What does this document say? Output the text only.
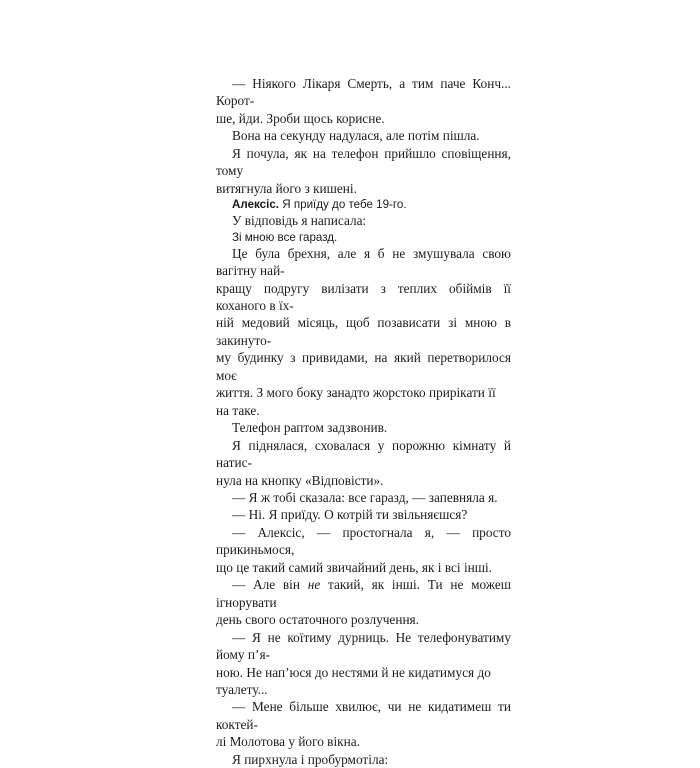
— Ніякого Лікаря Смерть, а тим паче Конч... Корот-

ше, йди. Зроби щось корисне.

Вона на секунду надулася, але потім пішла.

Я почула, як на телефон прийшло сповіщення, тому

витягнула його з кишені.

Алексіс. Я приїду до тебе 19-го.

У відповідь я написала:

Зі мною все гаразд.

Це була брехня, але я б не змушувала свою вагітну най-

кращу подругу вилізати з теплих обіймів її коханого в їх-

ній медовий місяць, щоб позависати зі мною в закинуто-

му будинку з привидами, на який перетворилося моє

життя. З мого боку занадто жорстоко прирікати її на таке.

Телефон раптом задзвонив.

Я піднялася, сховалася у порожню кімнату й натис-

нула на кнопку «Відповісти».

— Я ж тобі сказала: все гаразд, — запевняла я.

— Ні. Я приїду. О котрій ти звільняєшся?

— Алексіс, — простогнала я, — просто прикиньмося,

що це такий самий звичайний день, як і всі інші.

— Але він не такий, як інші. Ти не можеш ігнорувати

день свого остаточного розлучення.

— Я не коїтиму дурниць. Не телефонуватиму йому п’я-

ною. Не нап’юся до нестями й не кидатимуся до туалету...

— Мене більше хвилює, чи не кидатимеш ти коктей-

лі Молотова у його вікна.

Я пирхнула і пробурмотіла:
